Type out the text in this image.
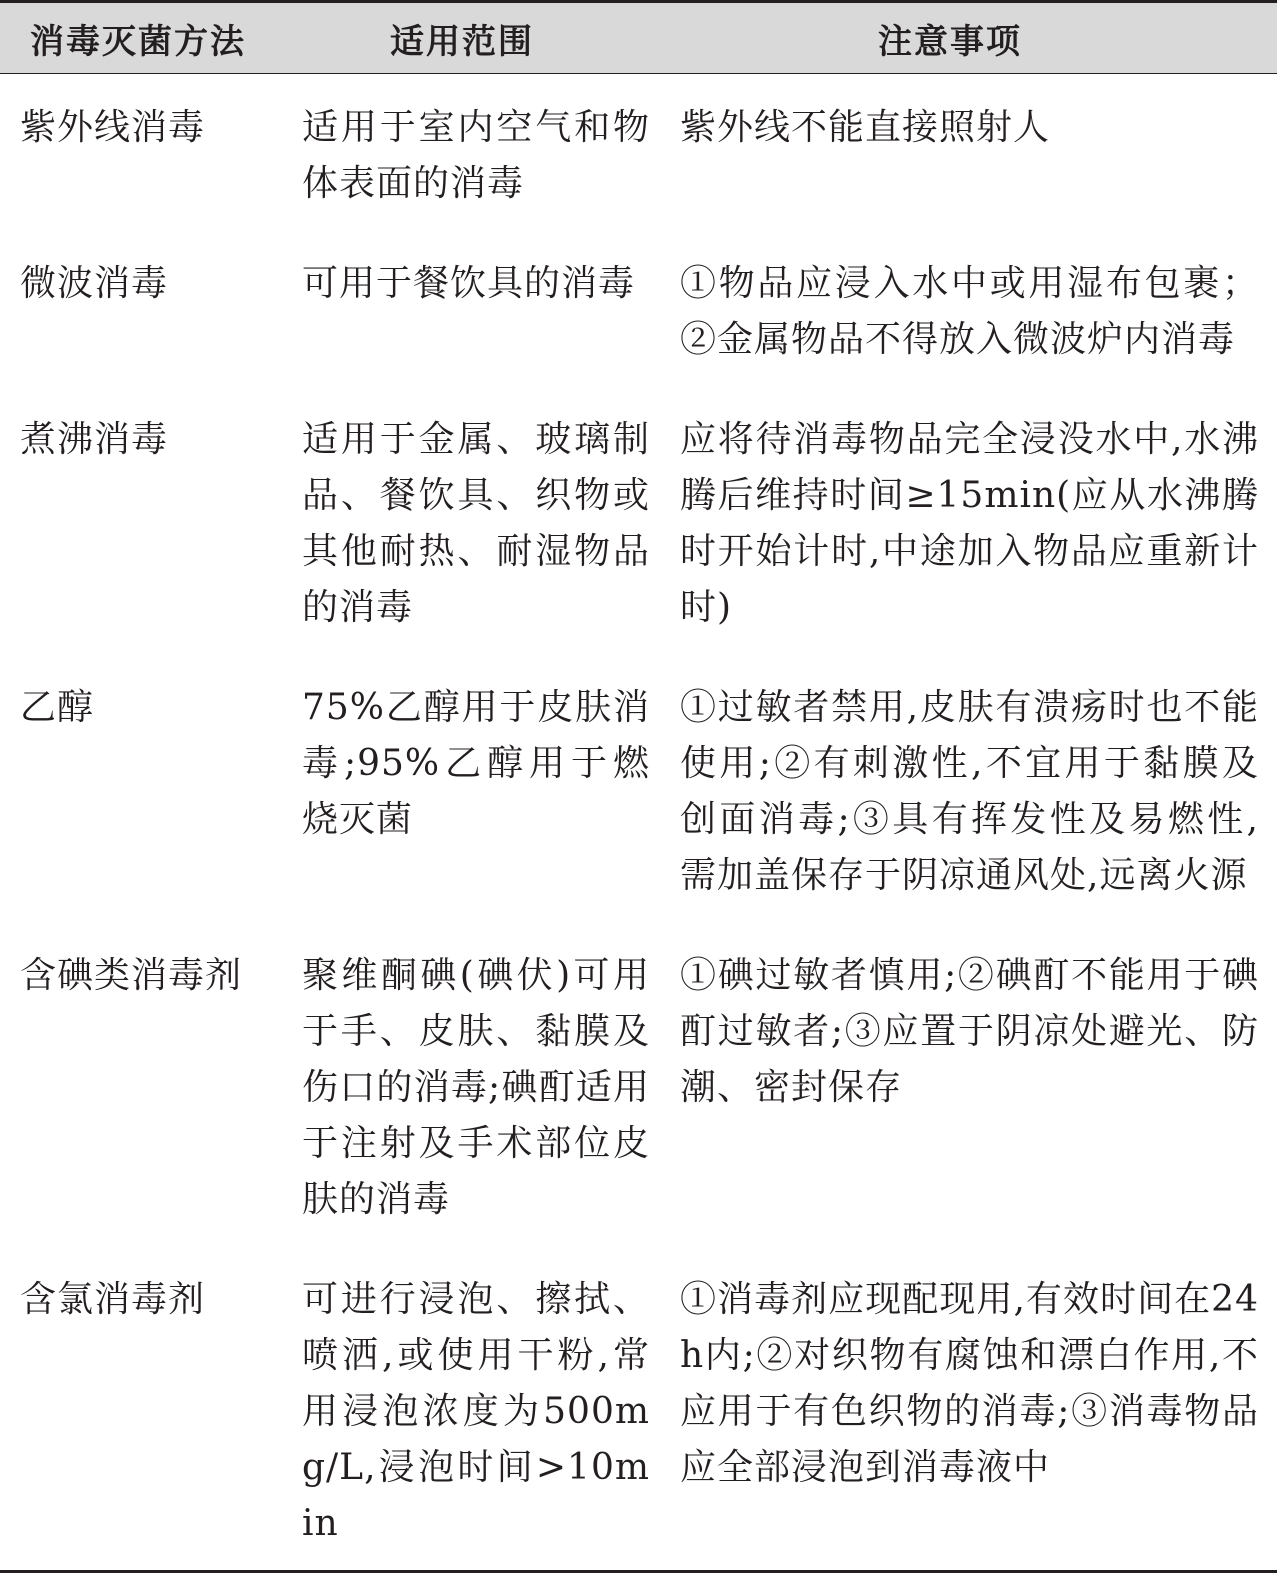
消毒灭菌方法	适用范围	注意事项
紫外线消毒	适用于室内空气和物体表面的消毒	紫外线不能直接照射人
微波消毒	可用于餐饮具的消毒	①物品应浸入水中或用湿布包裹；②金属物品不得放入微波炉内消毒
煮沸消毒	适用于金属、玻璃制品、餐饮具、织物或其他耐热、耐湿物品的消毒	应将待消毒物品完全浸没水中,水沸腾后维持时间≥15min(应从水沸腾时开始计时,中途加入物品应重新计时)
乙醇	75%乙醇用于皮肤消毒;95%乙醇用于燃烧灭菌	①过敏者禁用,皮肤有溃疡时也不能使用;②有刺激性,不宜用于黏膜及创面消毒;③具有挥发性及易燃性,需加盖保存于阴凉通风处,远离火源
含碘类消毒剂	聚维酮碘(碘伏)可用于手、皮肤、黏膜及伤口的消毒;碘酊适用于注射及手术部位皮肤的消毒	①碘过敏者慎用;②碘酊不能用于碘酊过敏者;③应置于阴凉处避光、防潮、密封保存
含氯消毒剂	可进行浸泡、擦拭、喷洒,或使用干粉,常用浸泡浓度为500mg/L,浸泡时间>10min	①消毒剂应现配现用,有效时间在24h内;②对织物有腐蚀和漂白作用,不应用于有色织物的消毒;③消毒物品应全部浸泡到消毒液中
